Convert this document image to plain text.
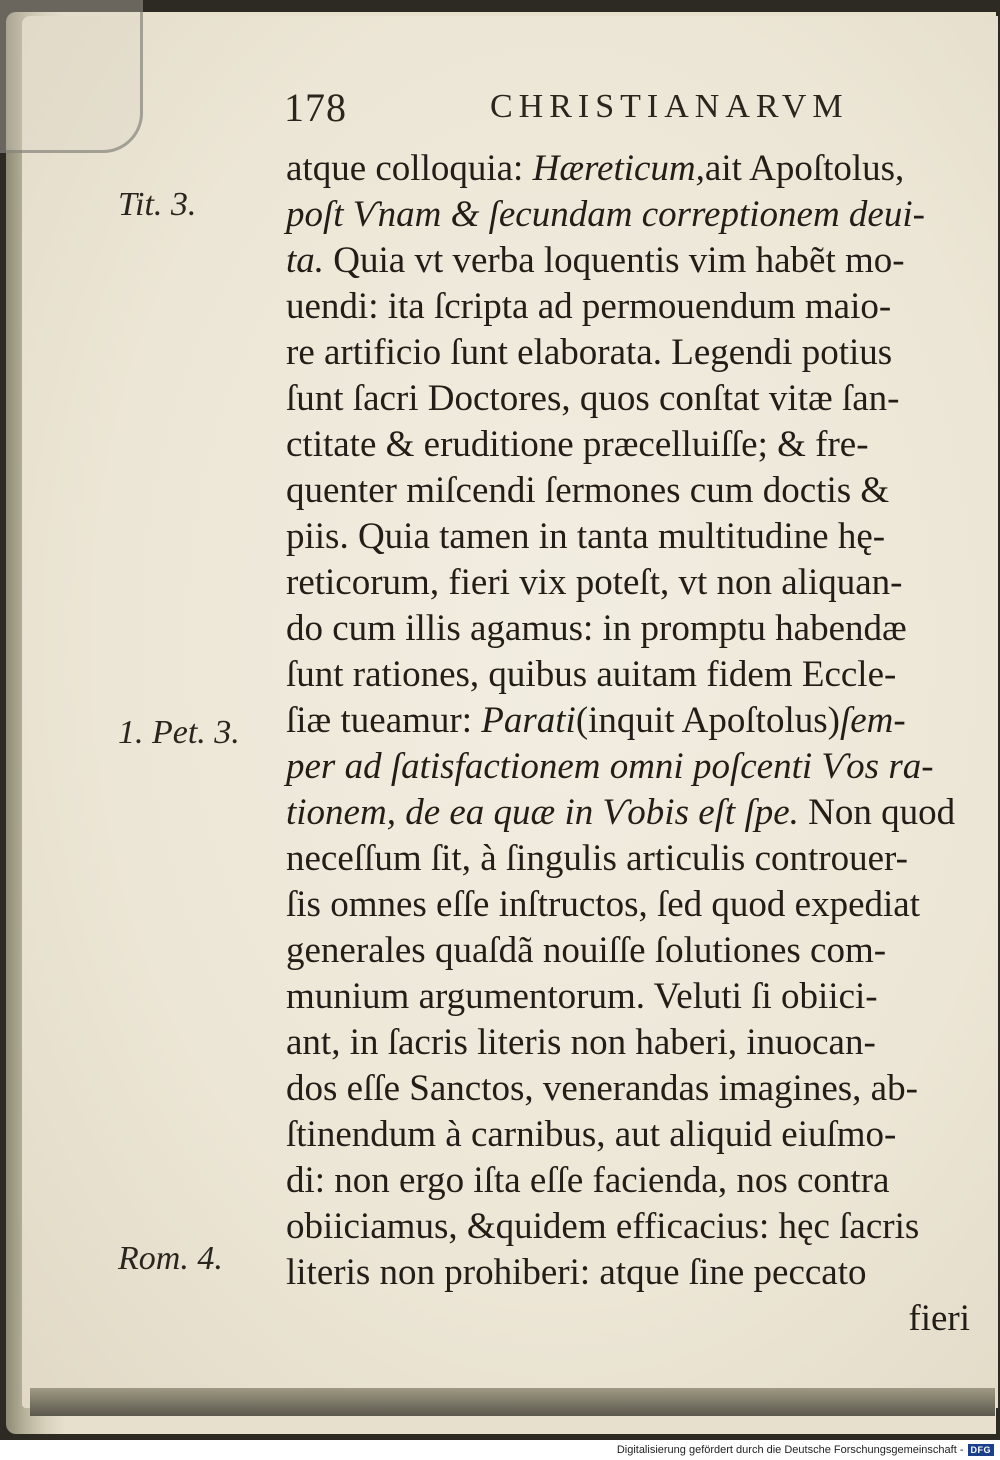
178	CHRISTIANARVM
Tit. 3.
1. Pet. 3.
Rom. 4.
atque colloquia: Hæreticum,ait Apoſtolus,
poſt Ѵnam & ſecundam correptionem deui-
ta. Quia vt verba loquentis vim habẽt mo-
uendi: ita ſcripta ad permouendum maio-
re artificio ſunt elaborata. Legendi potius
ſunt ſacri Doctores, quos conſtat vitæ ſan-
ctitate & eruditione præcelluiſſe; & fre-
quenter miſcendi ſermones cum doctis &
piis. Quia tamen in tanta multitudine hę-
reticorum, fieri vix poteſt, vt non aliquan-
do cum illis agamus: in promptu habendæ
ſunt rationes, quibus auitam fidem Eccle-
ſiæ tueamur: Parati(inquit Apoſtolus)ſem-
per ad ſatisfactionem omni poſcenti Ѵos ra-
tionem, de ea quæ in Ѵobis eſt ſpe. Non quod
neceſſum ſit, à ſingulis articulis controuer-
ſis omnes eſſe inſtructos, ſed quod expediat
generales quaſdã nouiſſe ſolutiones com-
munium argumentorum. Veluti ſi obiici-
ant, in ſacris literis non haberi, inuocan-
dos eſſe Sanctos, venerandas imagines, ab-
ſtinendum à carnibus, aut aliquid eiuſmo-
di: non ergo iſta eſſe facienda, nos contra
obiiciamus, &quidem efficacius: hęc ſacris
literis non prohiberi: atque ſine peccato
fieri
Digitalisierung gefördert durch die Deutsche Forschungsgemeinschaft - DFG
